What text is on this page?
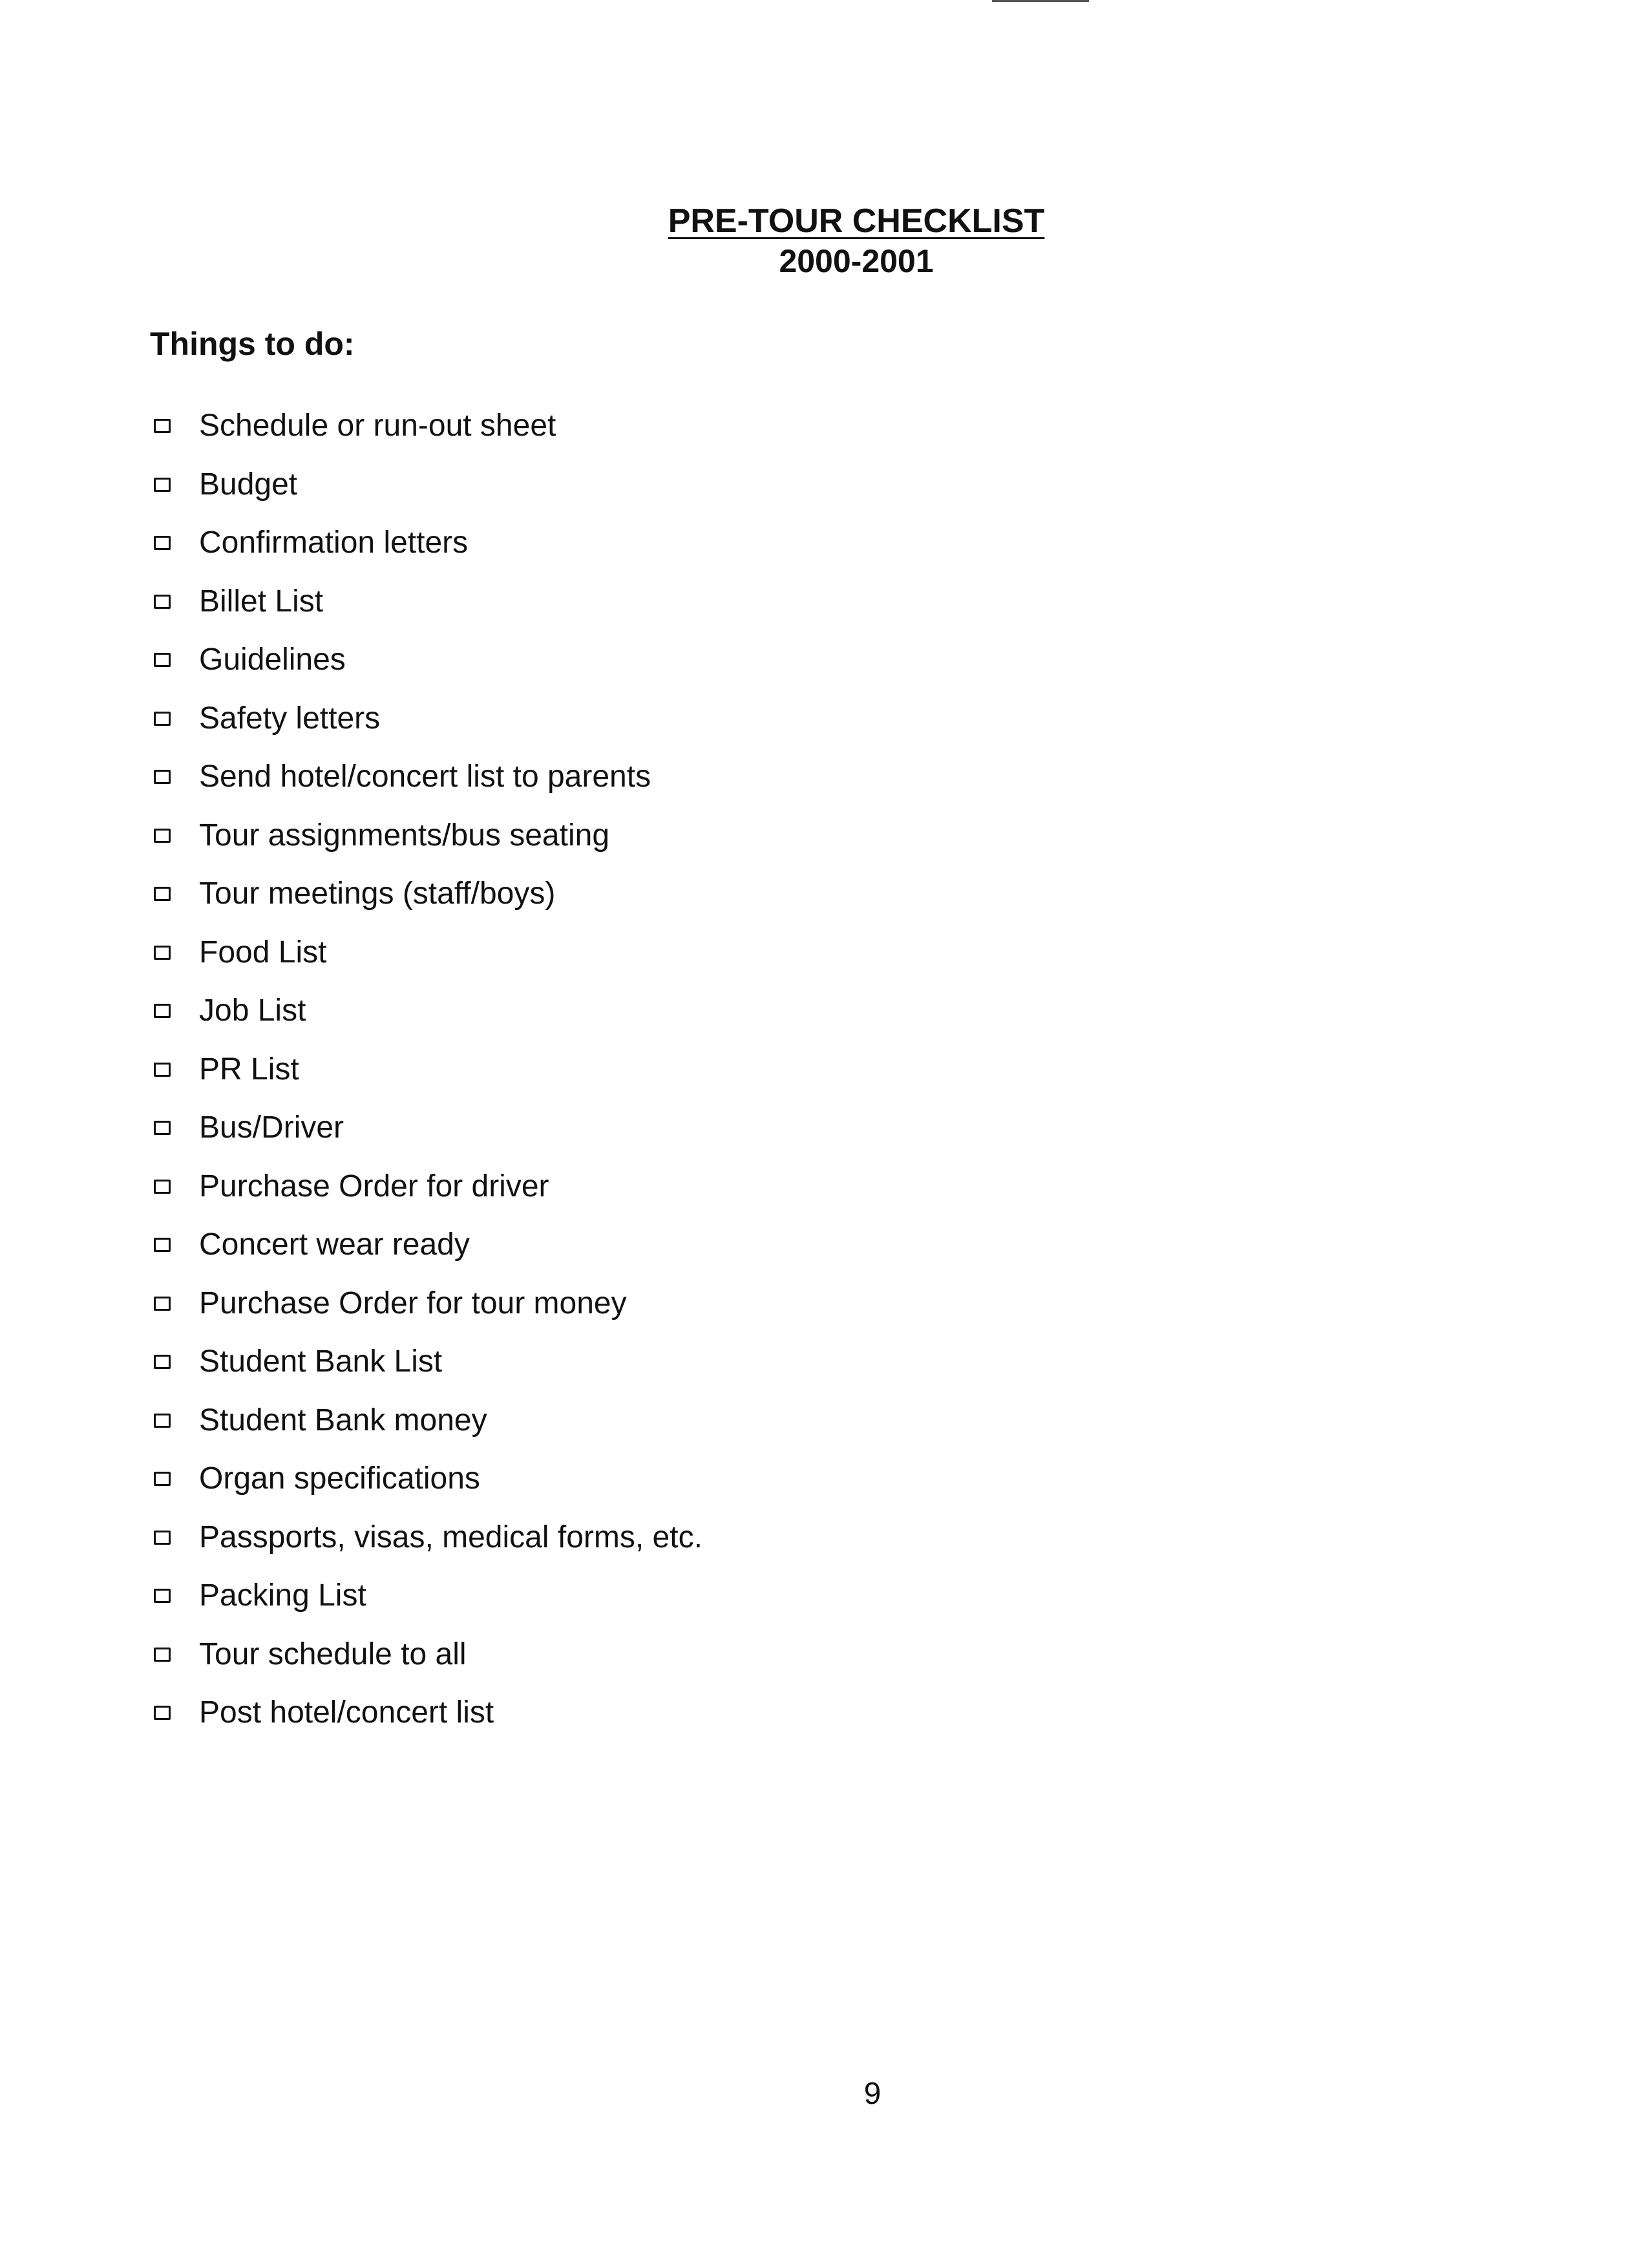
PRE-TOUR CHECKLIST
2000-2001
Things to do:
Schedule or run-out sheet
Budget
Confirmation letters
Billet List
Guidelines
Safety letters
Send hotel/concert list to parents
Tour assignments/bus seating
Tour meetings (staff/boys)
Food List
Job List
PR List
Bus/Driver
Purchase Order for driver
Concert wear ready
Purchase Order for tour money
Student Bank List
Student Bank money
Organ specifications
Passports, visas, medical forms, etc.
Packing List
Tour schedule to all
Post hotel/concert list
9
